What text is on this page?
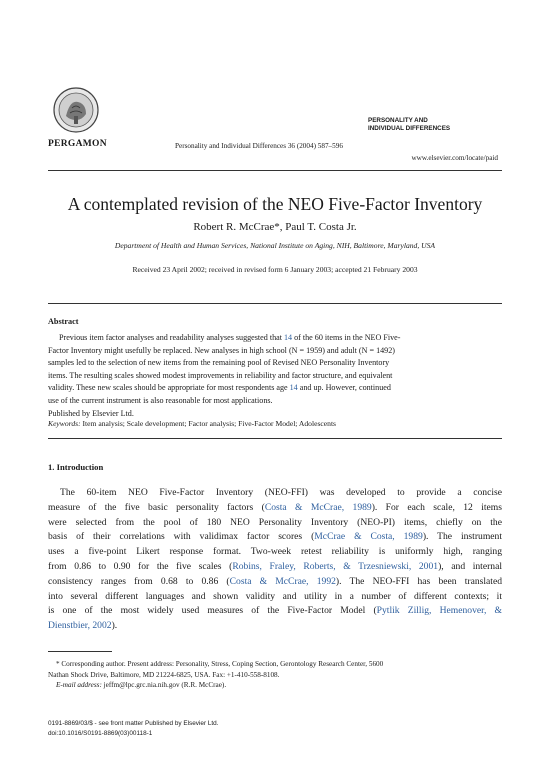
PERGAMON	Personality and Individual Differences 36 (2004) 587–596
PERSONALITY AND
INDIVIDUAL DIFFERENCES
www.elsevier.com/locate/paid
A contemplated revision of the NEO Five-Factor Inventory
Robert R. McCrae*, Paul T. Costa Jr.
Department of Health and Human Services, National Institute on Aging, NIH, Baltimore, Maryland, USA
Received 23 April 2002; received in revised form 6 January 2003; accepted 21 February 2003
Abstract
Previous item factor analyses and readability analyses suggested that 14 of the 60 items in the NEO Five-
Factor Inventory might usefully be replaced. New analyses in high school (N = 1959) and adult (N = 1492)
samples led to the selection of new items from the remaining pool of Revised NEO Personality Inventory
items. The resulting scales showed modest improvements in reliability and factor structure, and equivalent
validity. These new scales should be appropriate for most respondents age 14 and up. However, continued
use of the current instrument is also reasonable for most applications.
Published by Elsevier Ltd.
Keywords: Item analysis; Scale development; Factor analysis; Five-Factor Model; Adolescents
1. Introduction
The 60-item NEO Five-Factor Inventory (NEO-FFI) was developed to provide a concise
measure of the five basic personality factors (Costa & McCrae, 1989). For each scale, 12 items
were selected from the pool of 180 NEO Personality Inventory (NEO-PI) items, chiefly on the
basis of their correlations with validimax factor scores (McCrae & Costa, 1989). The instrument
uses a five-point Likert response format. Two-week retest reliability is uniformly high, ranging
from 0.86 to 0.90 for the five scales (Robins, Fraley, Roberts, & Trzesniewski, 2001), and internal
consistency ranges from 0.68 to 0.86 (Costa & McCrae, 1992). The NEO-FFI has been translated
into several different languages and shown validity and utility in a number of different contexts; it
is one of the most widely used measures of the Five-Factor Model (Pytlik Zillig, Hemenover, &
Dienstbier, 2002).
* Corresponding author. Present address: Personality, Stress, Coping Section, Gerontology Research Center, 5600
Nathan Shock Drive, Baltimore, MD 21224-6825, USA. Fax: +1-410-558-8108.
E-mail address: jeffm@lpc.grc.nia.nih.gov (R.R. McCrae).
0191-8869/03/$ - see front matter Published by Elsevier Ltd.
doi:10.1016/S0191-8869(03)00118-1
